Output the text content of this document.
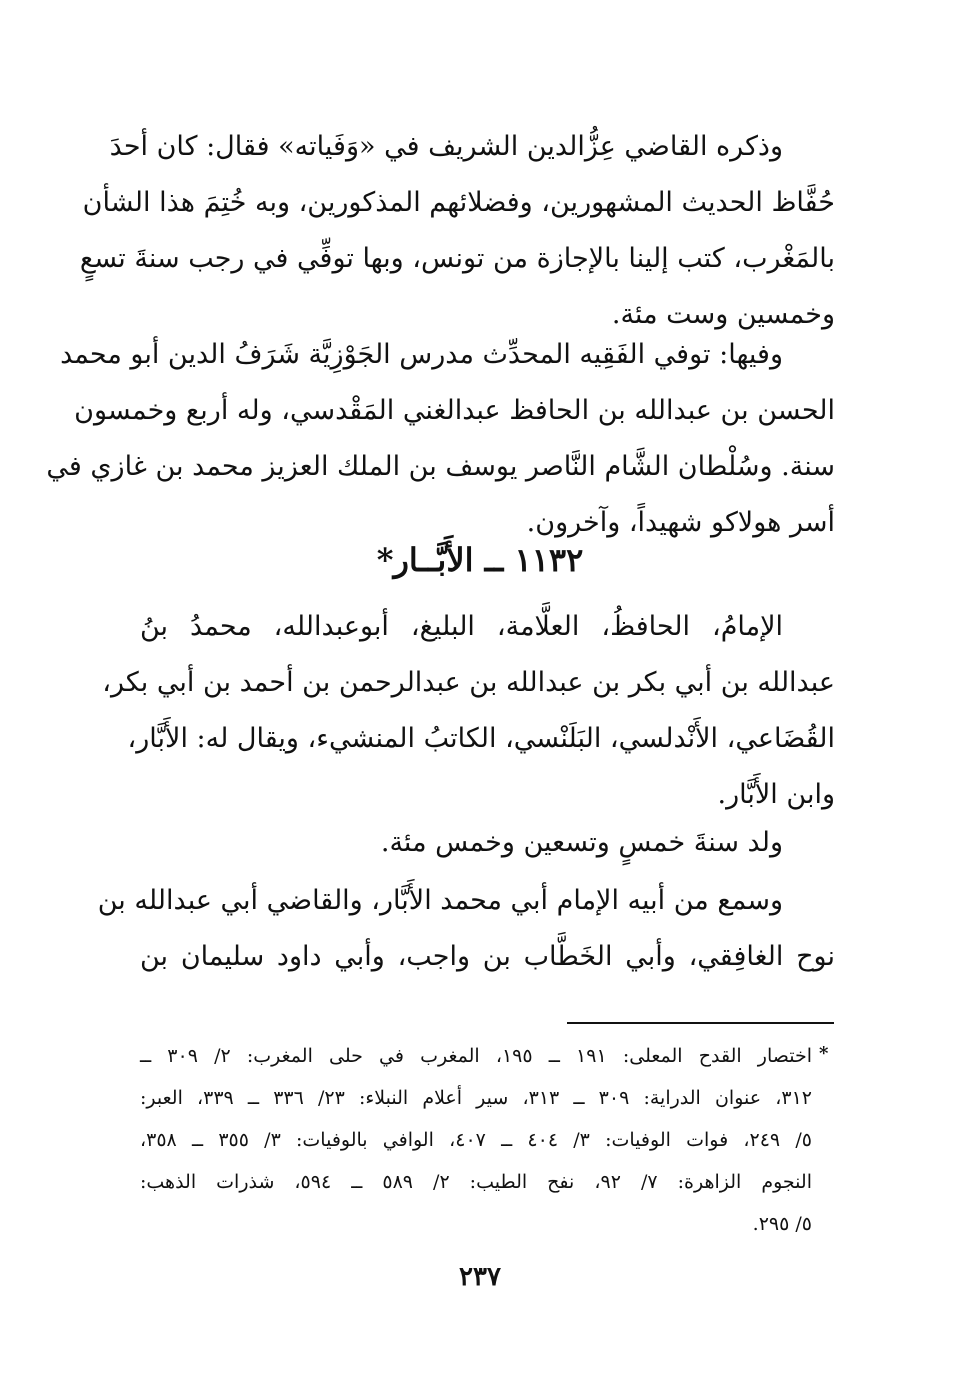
وذكره القاضي عِزُّالدين الشريف في «وَفَياته» فقال: كان أحدَ
حُفَّاظ الحديث المشهورين، وفضلائهم المذكورين، وبه خُتِمَ هذا الشأن
بالمَغْرب، كتب إلينا بالإجازة من تونس، وبها توفِّي في رجب سنةَ تسعٍ
وخمسين وست مئة.
وفيها: توفي الفَقِيه المحدِّث مدرس الجَوْزِيَّة شَرَفُ الدين أبو محمد
الحسن بن عبدالله بن الحافظ عبدالغني المَقْدسي، وله أربع وخمسون
سنة. وسُلْطان الشَّام النَّاصر يوسف بن الملك العزيز محمد بن غازي في
أسر هولاكو شهيداً، وآخرون.
١١٣٢ ــ الأَبَّــار*
الإمامُ، الحافظُ، العلَّامة، البليغ، أبوعبدالله، محمدُ بنُ
عبدالله بن أبي بكر بن عبدالله بن عبدالرحمن بن أحمد بن أبي بكر،
القُضَاعي، الأَنْدلسي، البَلَنْسي، الكاتبُ المنشيء، ويقال له: الأَبَّار،
وابن الأَبَّار.
ولد سنةَ خمسٍ وتسعين وخمس مئة.
وسمع من أبيه الإمام أبي محمد الأَبَّار، والقاضي أبي عبدالله بن
نوح الغافِقي، وأبي الخَطَّاب بن واجب، وأبي داود سليمان بن
*
اختصار القدح المعلى: ١٩١ ــ ١٩٥، المغرب في حلى المغرب: ٢/ ٣٠٩ ــ
٣١٢، عنوان الدراية: ٣٠٩ ــ ٣١٣، سير أعلام النبلاء: ٢٣/ ٣٣٦ ــ ٣٣٩، العبر:
٥/ ٢٤٩، فوات الوفيات: ٣/ ٤٠٤ ــ ٤٠٧، الوافي بالوفيات: ٣/ ٣٥٥ ــ ٣٥٨،
النجوم الزاهرة: ٧/ ٩٢، نفح الطيب: ٢/ ٥٨٩ ــ ٥٩٤، شذرات الذهب:
٥/ ٢٩٥.
٢٣٧
